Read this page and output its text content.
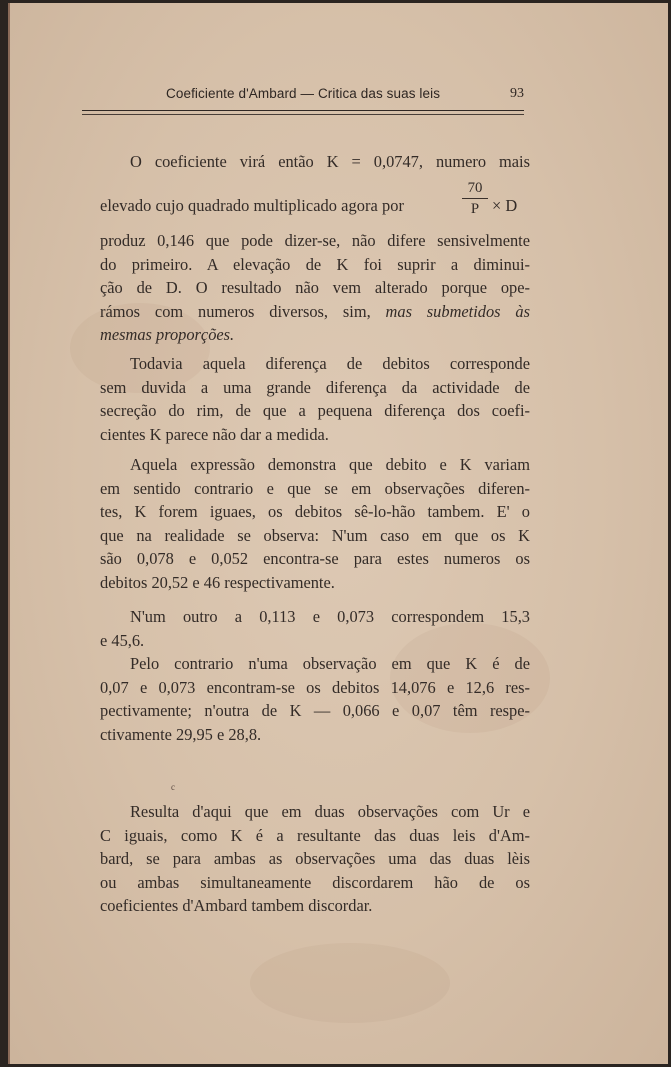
Coeficiente d'Ambard — Critica das suas leis	93
O coeficiente virá então K = 0,0747, numero mais
elevado cujo quadrado multiplicado agora por
70
P × D
produz 0,146 que pode dizer-se, não difere sensivelmente
do primeiro. A elevação de K foi suprir a diminui-
ção de D. O resultado não vem alterado porque ope-
rámos com numeros diversos, sim, mas submetidos às
mesmas proporções.
Todavia aquela diferença de debitos corresponde
sem duvida a uma grande diferença da actividade de
secreção do rim, de que a pequena diferença dos coefi-
cientes K parece não dar a medida.
Aquela expressão demonstra que debito e K variam
em sentido contrario e que se em observações diferen-
tes, K forem iguaes, os debitos sê-lo-hão tambem. E' o
que na realidade se observa: N'um caso em que os K
são 0,078 e 0,052 encontra-se para estes numeros os
debitos 20,52 e 46 respectivamente.
N'um outro a 0,113 e 0,073 correspondem 15,3
e 45,6.
Pelo contrario n'uma observação em que K é de
0,07 e 0,073 encontram-se os debitos 14,076 e 12,6 res-
pectivamente; n'outra de K — 0,066 e 0,07 têm respe-
ctivamente 29,95 e 28,8.
c
Resulta d'aqui que em duas observações com Ur e
C iguais, como K é a resultante das duas leis d'Am-
bard, se para ambas as observações uma das duas lèis
ou ambas simultaneamente discordarem hão de os
coeficientes d'Ambard tambem discordar.
